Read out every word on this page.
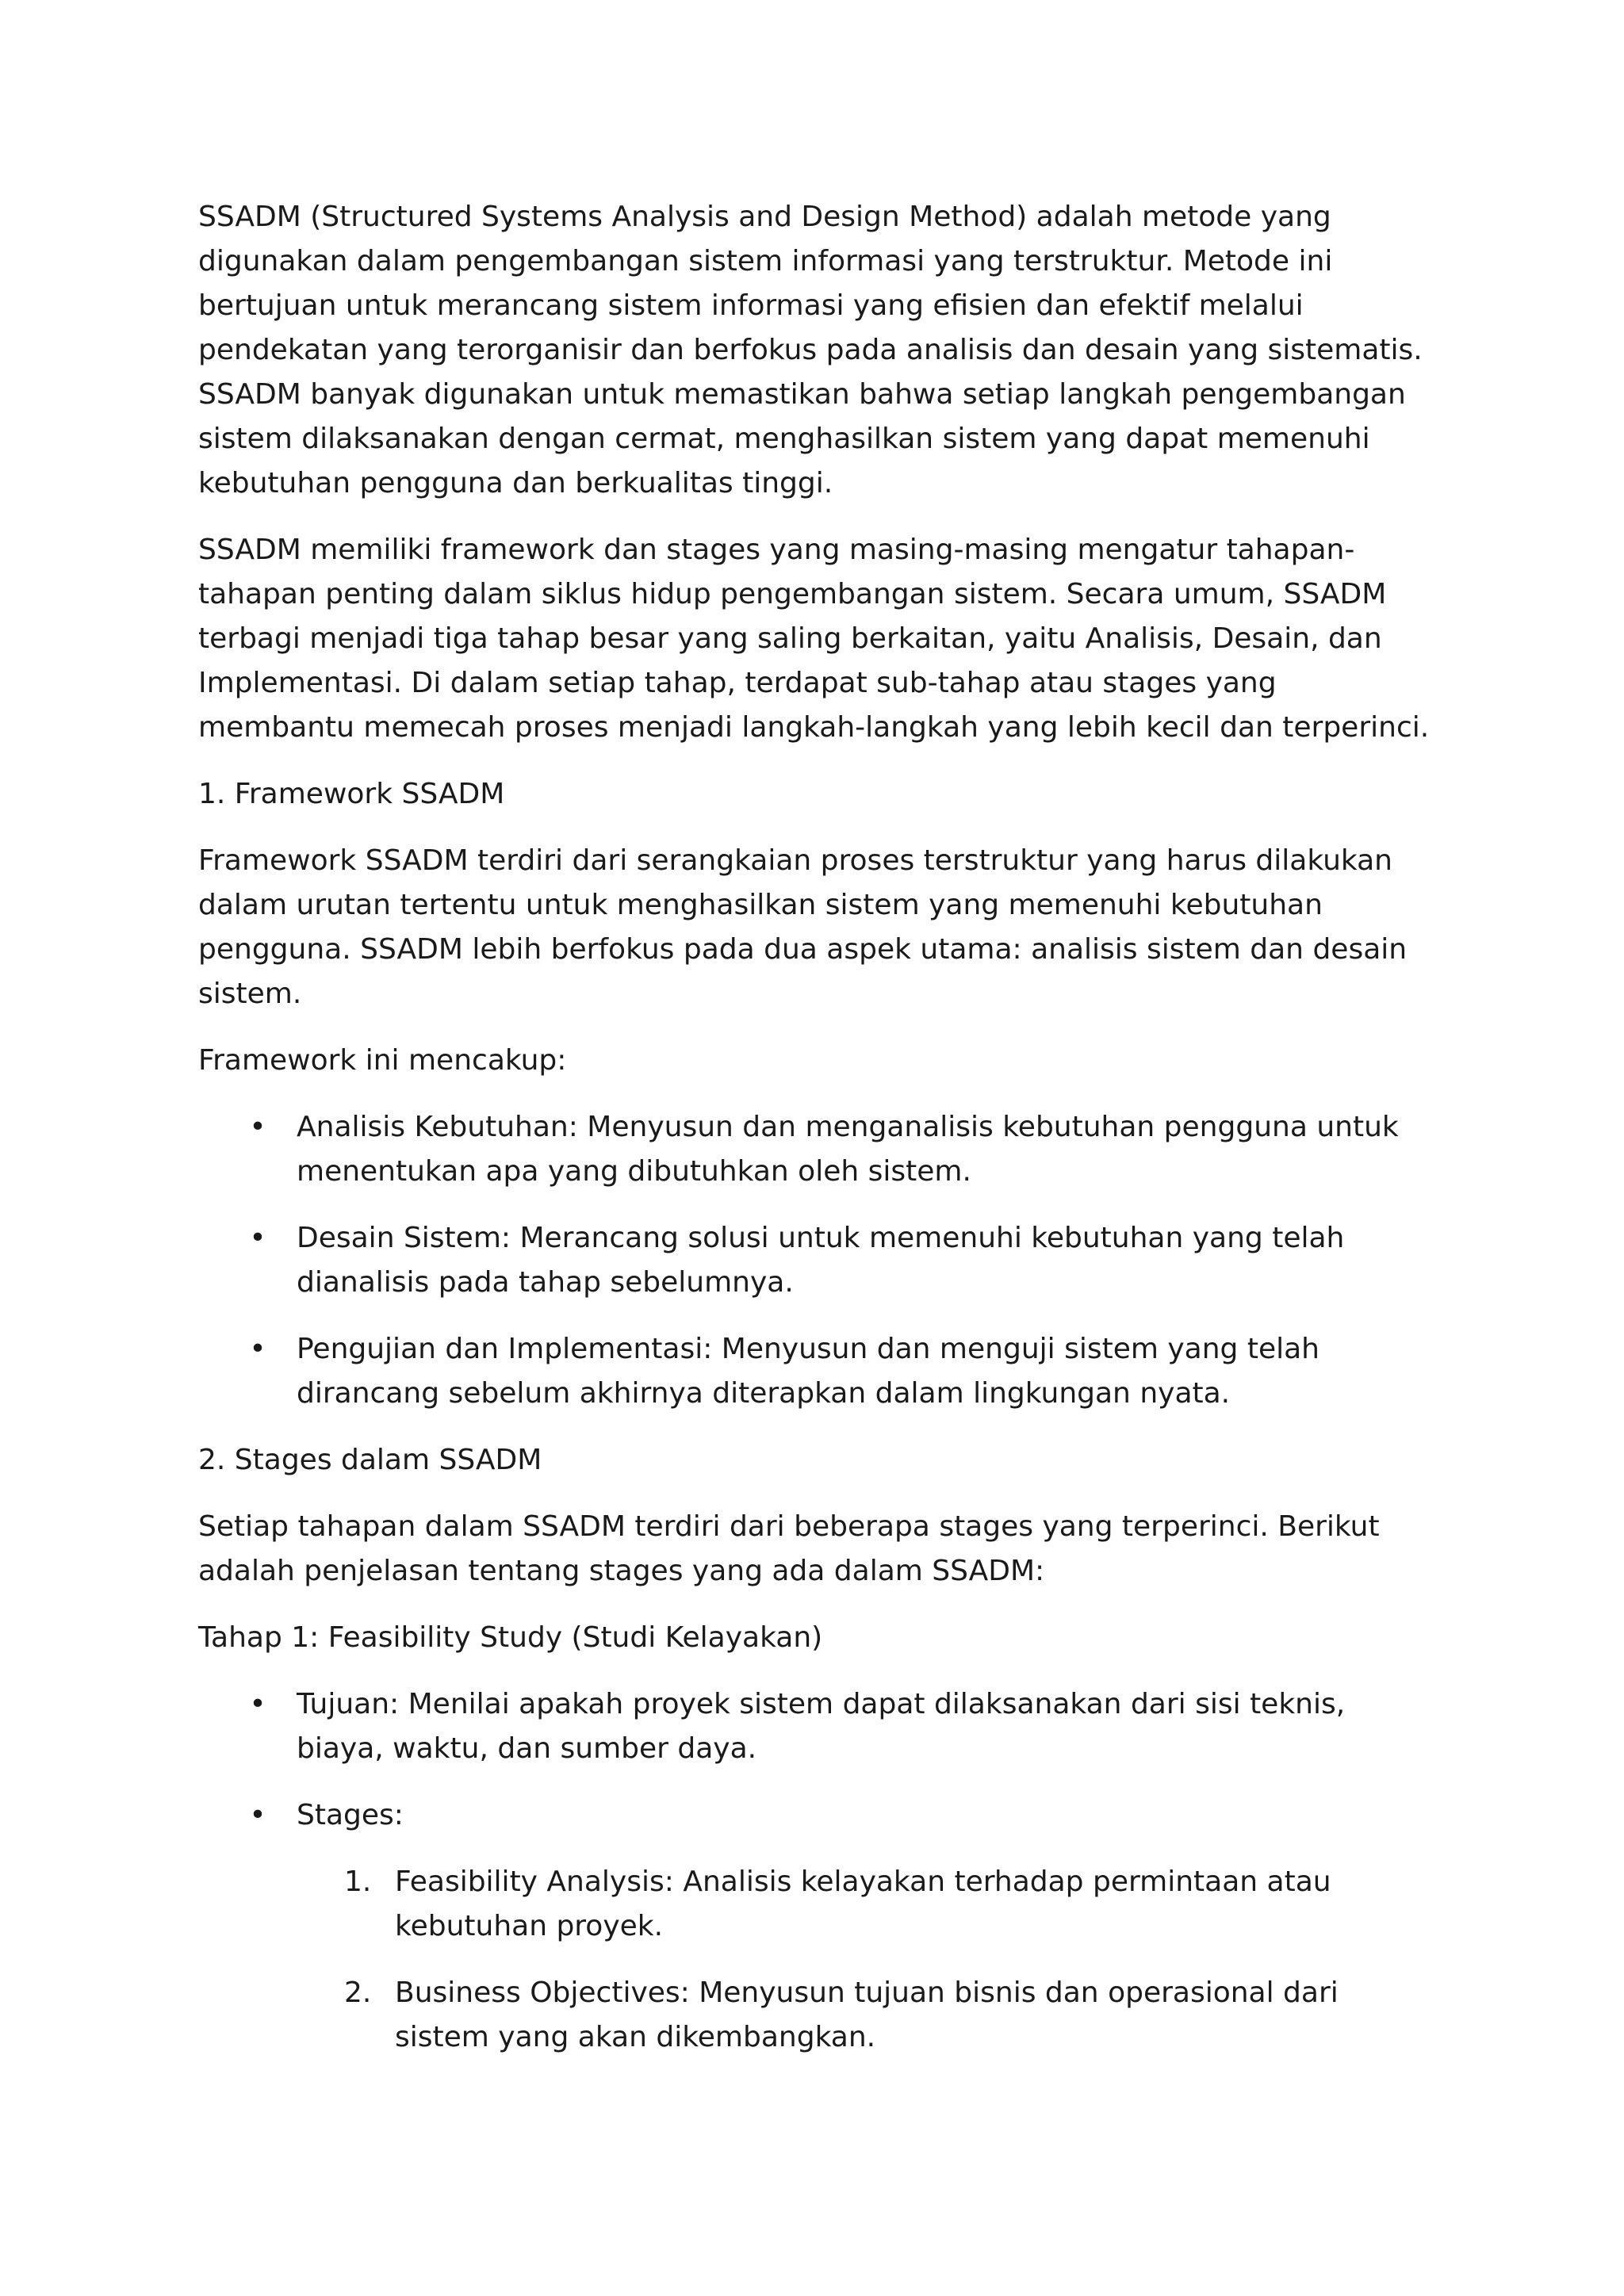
SSADM (Structured Systems Analysis and Design Method) adalah metode yang digunakan dalam pengembangan sistem informasi yang terstruktur. Metode ini bertujuan untuk merancang sistem informasi yang efisien dan efektif melalui pendekatan yang terorganisir dan berfokus pada analisis dan desain yang sistematis. SSADM banyak digunakan untuk memastikan bahwa setiap langkah pengembangan sistem dilaksanakan dengan cermat, menghasilkan sistem yang dapat memenuhi kebutuhan pengguna dan berkualitas tinggi.

SSADM memiliki framework dan stages yang masing-masing mengatur tahapan-tahapan penting dalam siklus hidup pengembangan sistem. Secara umum, SSADM terbagi menjadi tiga tahap besar yang saling berkaitan, yaitu Analisis, Desain, dan Implementasi. Di dalam setiap tahap, terdapat sub-tahap atau stages yang membantu memecah proses menjadi langkah-langkah yang lebih kecil dan terperinci.

1. Framework SSADM

Framework SSADM terdiri dari serangkaian proses terstruktur yang harus dilakukan dalam urutan tertentu untuk menghasilkan sistem yang memenuhi kebutuhan pengguna. SSADM lebih berfokus pada dua aspek utama: analisis sistem dan desain sistem.

Framework ini mencakup:

• Analisis Kebutuhan: Menyusun dan menganalisis kebutuhan pengguna untuk menentukan apa yang dibutuhkan oleh sistem.
• Desain Sistem: Merancang solusi untuk memenuhi kebutuhan yang telah dianalisis pada tahap sebelumnya.
• Pengujian dan Implementasi: Menyusun dan menguji sistem yang telah dirancang sebelum akhirnya diterapkan dalam lingkungan nyata.

2. Stages dalam SSADM

Setiap tahapan dalam SSADM terdiri dari beberapa stages yang terperinci. Berikut adalah penjelasan tentang stages yang ada dalam SSADM:

Tahap 1: Feasibility Study (Studi Kelayakan)

• Tujuan: Menilai apakah proyek sistem dapat dilaksanakan dari sisi teknis, biaya, waktu, dan sumber daya.
• Stages:
1. Feasibility Analysis: Analisis kelayakan terhadap permintaan atau kebutuhan proyek.
2. Business Objectives: Menyusun tujuan bisnis dan operasional dari sistem yang akan dikembangkan.
